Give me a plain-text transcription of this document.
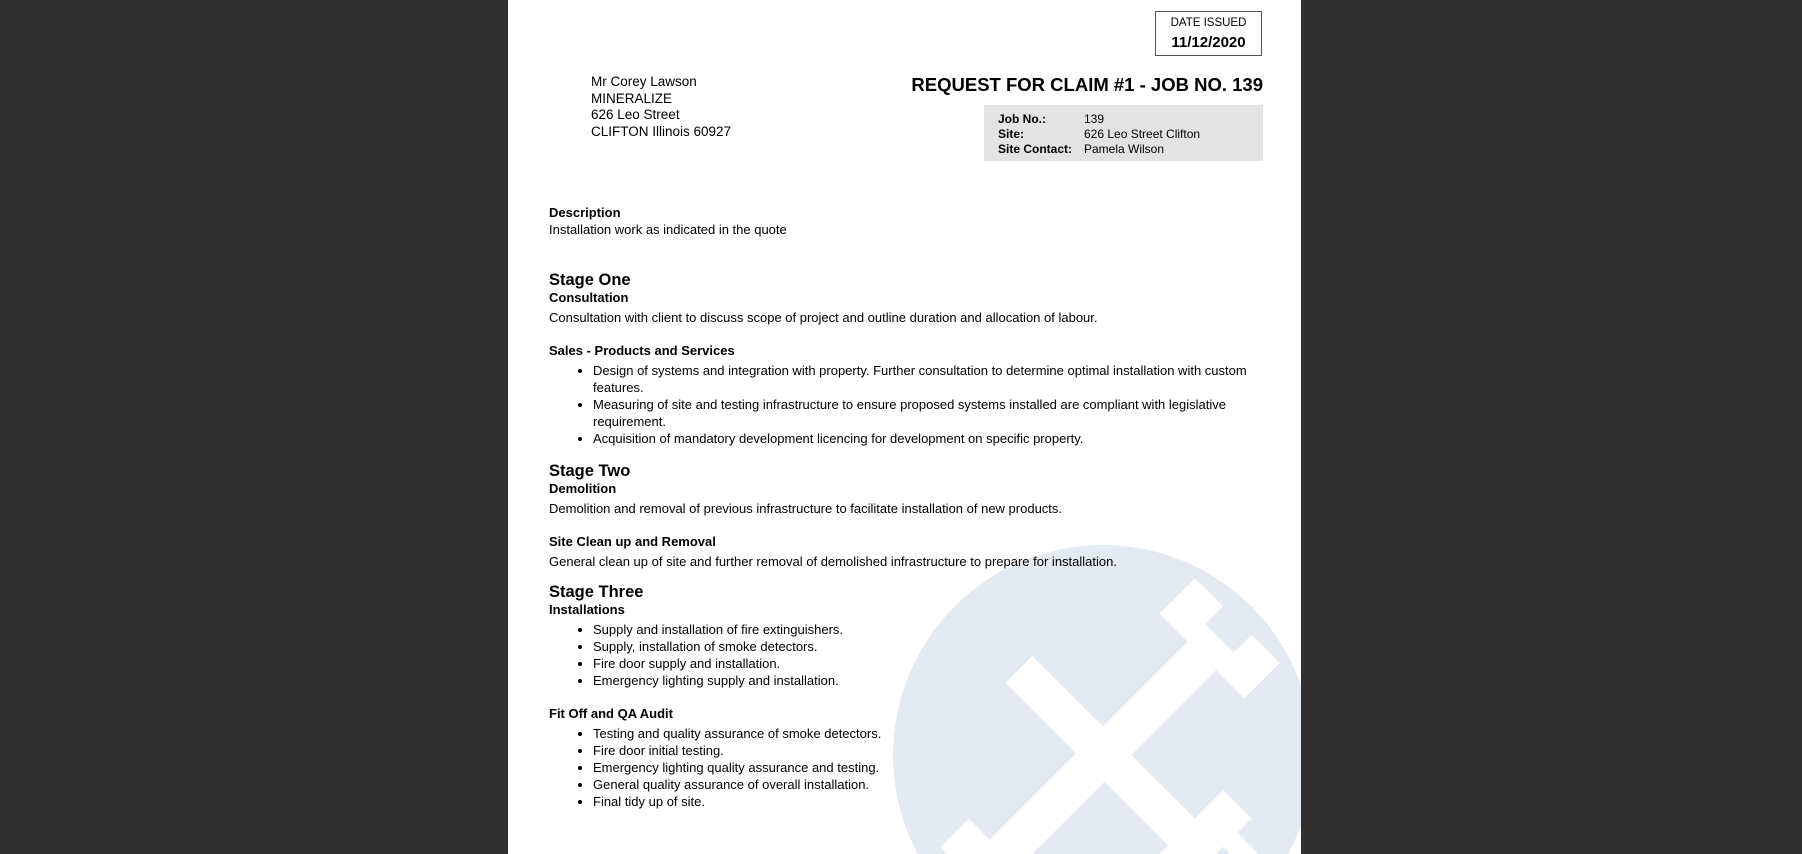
DATE ISSUED
11/12/2020
Mr Corey Lawson
MINERALIZE
626 Leo Street
CLIFTON Illinois 60927
REQUEST FOR CLAIM #1 - JOB NO. 139
Job No.:	139
Site:	626 Leo Street Clifton
Site Contact: Pamela Wilson
Description
Installation work as indicated in the quote
Stage One
Consultation
Consultation with client to discuss scope of project and outline duration and allocation of labour.
Sales - Products and Services
• Design of systems and integration with property. Further consultation to determine optimal installation with custom features.
• Measuring of site and testing infrastructure to ensure proposed systems installed are compliant with legislative requirement.
• Acquisition of mandatory development licencing for development on specific property.
Stage Two
Demolition
Demolition and removal of previous infrastructure to facilitate installation of new products.
Site Clean up and Removal
General clean up of site and further removal of demolished infrastructure to prepare for installation.
Stage Three
Installations
• Supply and installation of fire extinguishers.
• Supply, installation of smoke detectors.
• Fire door supply and installation.
• Emergency lighting supply and installation.
Fit Off and QA Audit
• Testing and quality assurance of smoke detectors.
• Fire door initial testing.
• Emergency lighting quality assurance and testing.
• General quality assurance of overall installation.
• Final tidy up of site.
